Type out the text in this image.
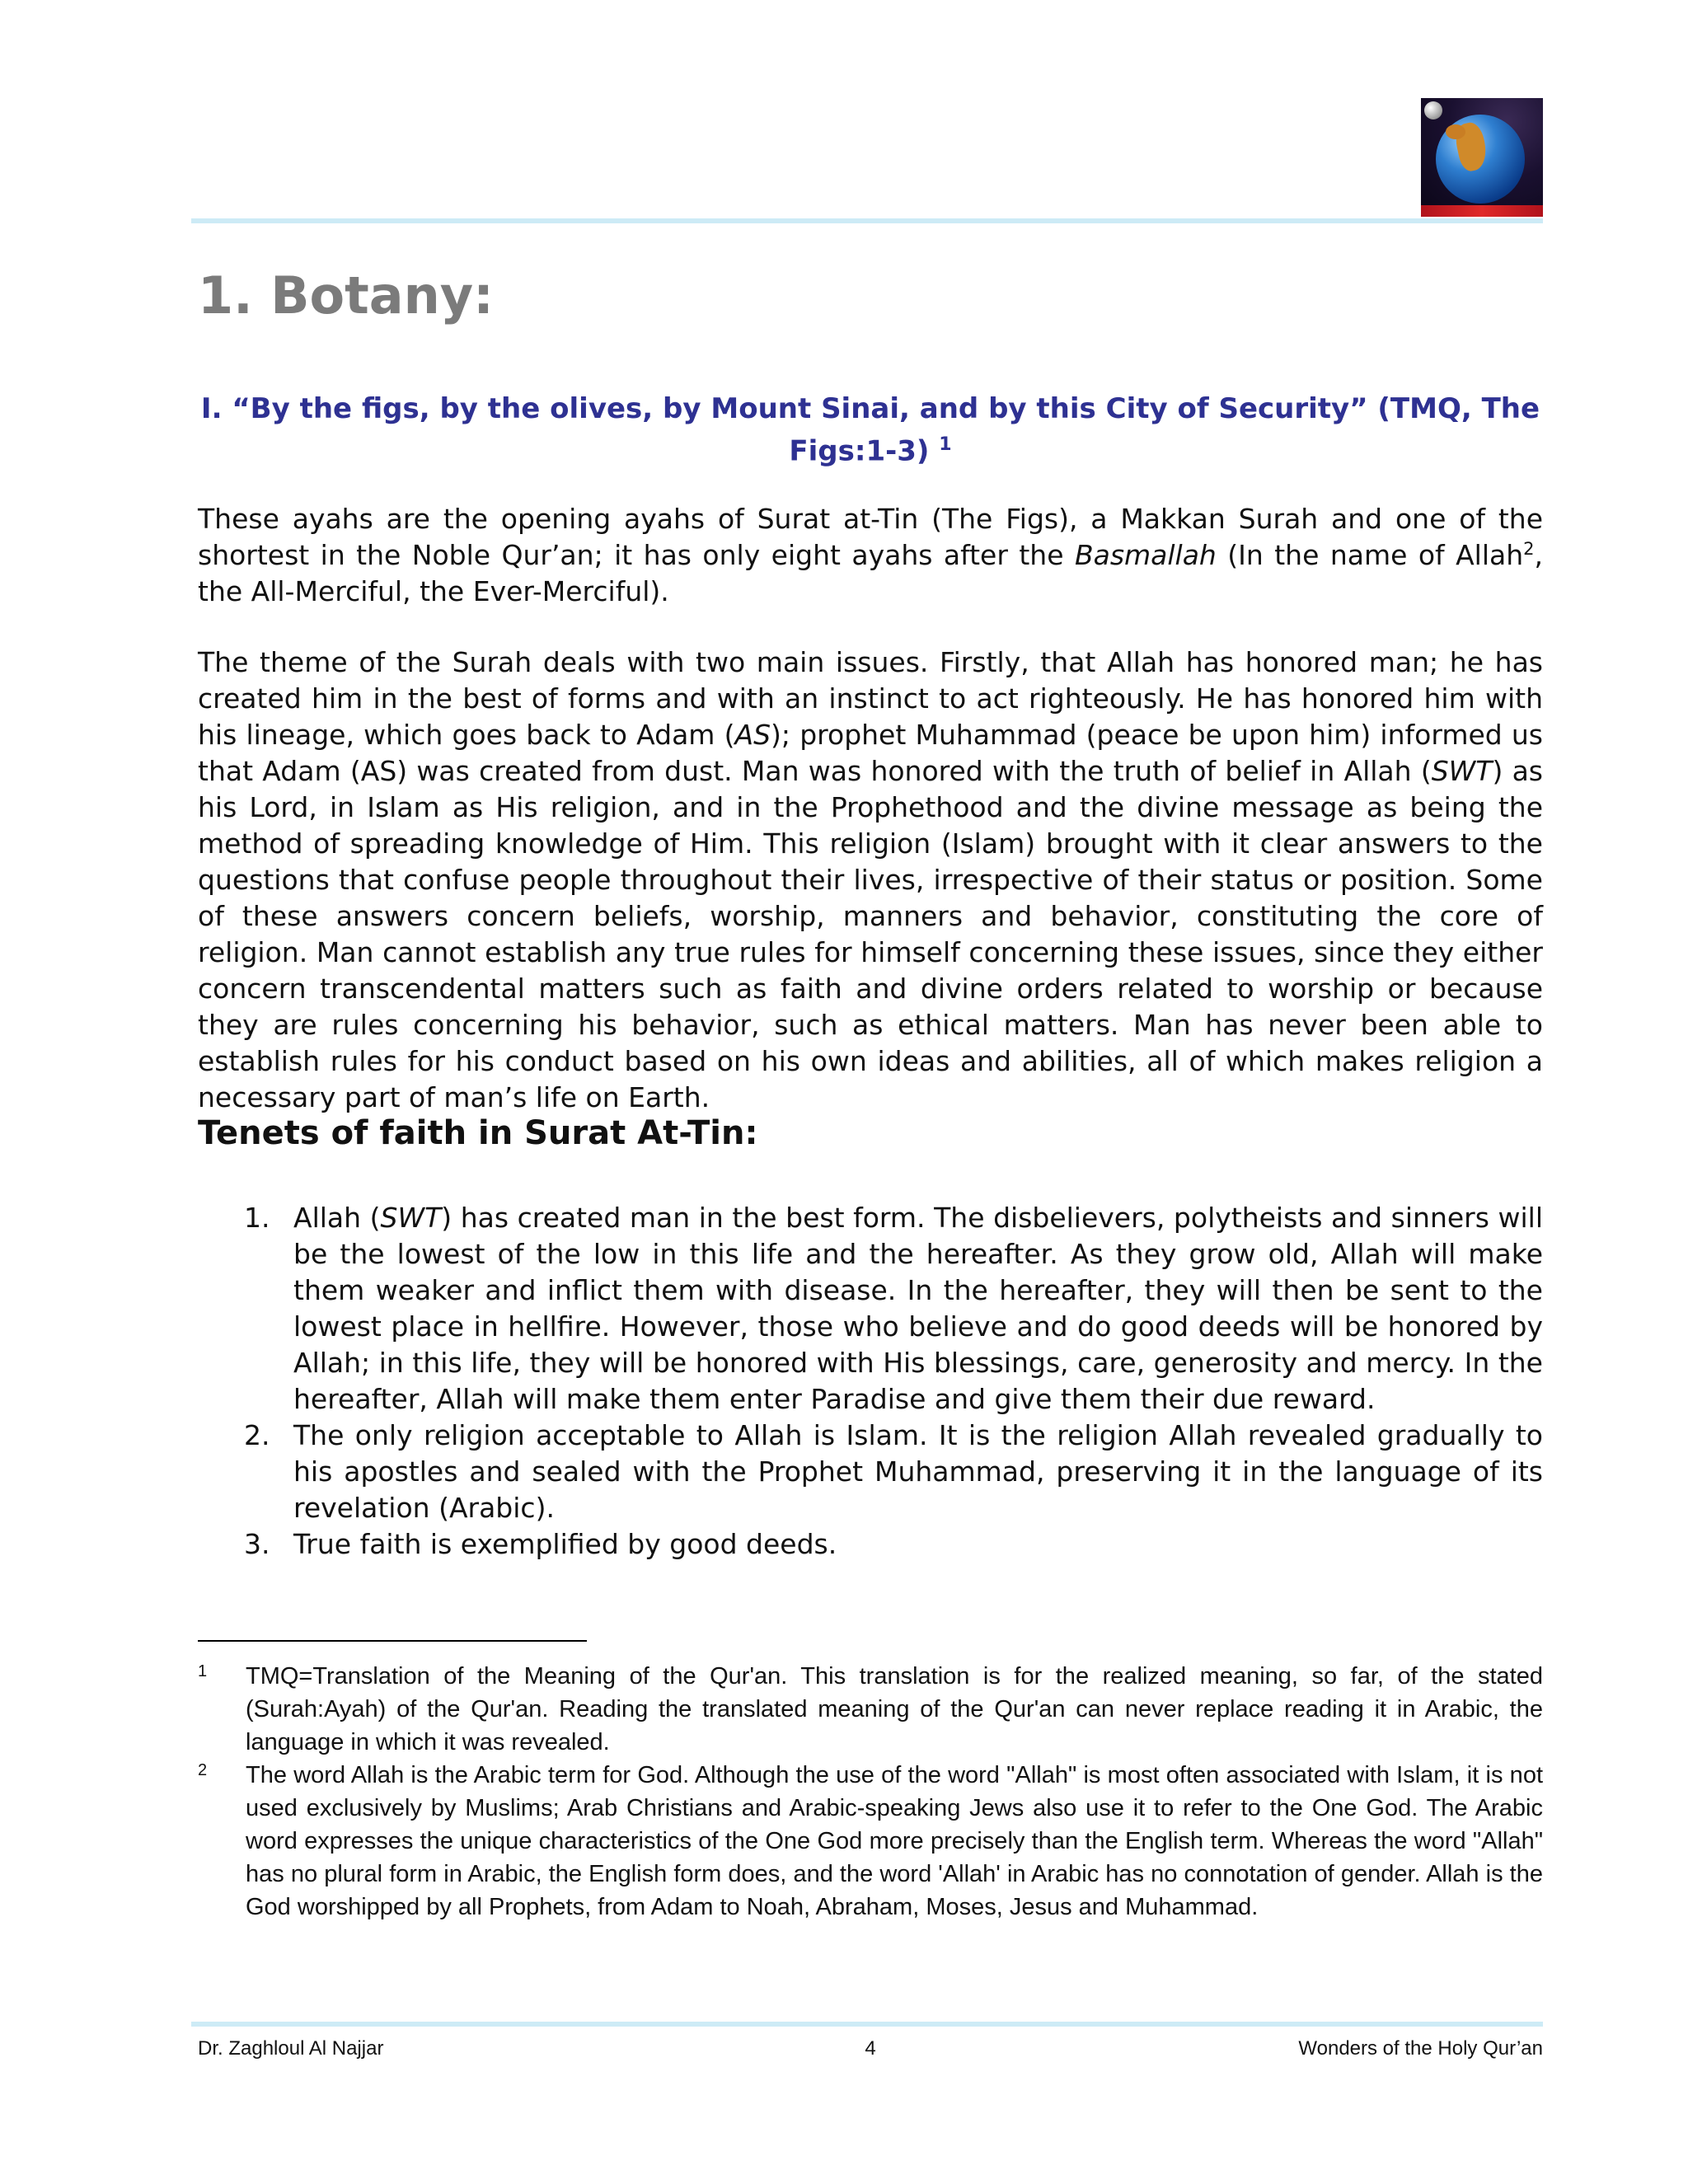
1. Botany:

I. “By the figs, by the olives, by Mount Sinai, and by this City of Security” (TMQ, The Figs:1-3) $^1$

These ayahs are the opening ayahs of Surat at-Tin (The Figs), a Makkan Surah and one of the shortest in the Noble Qur’an; it has only eight ayahs after the Basmallah (In the name of Allah$^2$, the All-Merciful, the Ever-Merciful).

The theme of the Surah deals with two main issues. Firstly, that Allah has honored man; he has created him in the best of forms and with an instinct to act righteously. He has honored him with his lineage, which goes back to Adam (AS); prophet Muhammad (peace be upon him) informed us that Adam (AS) was created from dust. Man was honored with the truth of belief in Allah (SWT) as his Lord, in Islam as His religion, and in the Prophethood and the divine message as being the method of spreading knowledge of Him. This religion (Islam) brought with it clear answers to the questions that confuse people throughout their lives, irrespective of their status or position. Some of these answers concern beliefs, worship, manners and behavior, constituting the core of religion. Man cannot establish any true rules for himself concerning these issues, since they either concern transcendental matters such as faith and divine orders related to worship or because they are rules concerning his behavior, such as ethical matters. Man has never been able to establish rules for his conduct based on his own ideas and abilities, all of which makes religion a necessary part of man’s life on Earth.

Tenets of faith in Surat At-Tin:
1. Allah (SWT) has created man in the best form. The disbelievers, polytheists and sinners will be the lowest of the low in this life and the hereafter. As they grow old, Allah will make them weaker and inflict them with disease. In the hereafter, they will then be sent to the lowest place in hellfire. However, those who believe and do good deeds will be honored by Allah; in this life, they will be honored with His blessings, care, generosity and mercy. In the hereafter, Allah will make them enter Paradise and give them their due reward.
2. The only religion acceptable to Allah is Islam. It is the religion Allah revealed gradually to his apostles and sealed with the Prophet Muhammad, preserving it in the language of its revelation (Arabic).
3. True faith is exemplified by good deeds.
1 TMQ=Translation of the Meaning of the Qur'an. This translation is for the realized meaning, so far, of the stated (Surah:Ayah) of the Qur'an. Reading the translated meaning of the Qur'an can never replace reading it in Arabic, the language in which it was revealed.
2 The word Allah is the Arabic term for God. Although the use of the word "Allah" is most often associated with Islam, it is not used exclusively by Muslims; Arab Christians and Arabic-speaking Jews also use it to refer to the One God. The Arabic word expresses the unique characteristics of the One God more precisely than the English term. Whereas the word "Allah" has no plural form in Arabic, the English form does, and the word 'Allah' in Arabic has no connotation of gender. Allah is the God worshipped by all Prophets, from Adam to Noah, Abraham, Moses, Jesus and Muhammad.
Dr. Zaghloul Al Najjar	4	Wonders of the Holy Qur’an
